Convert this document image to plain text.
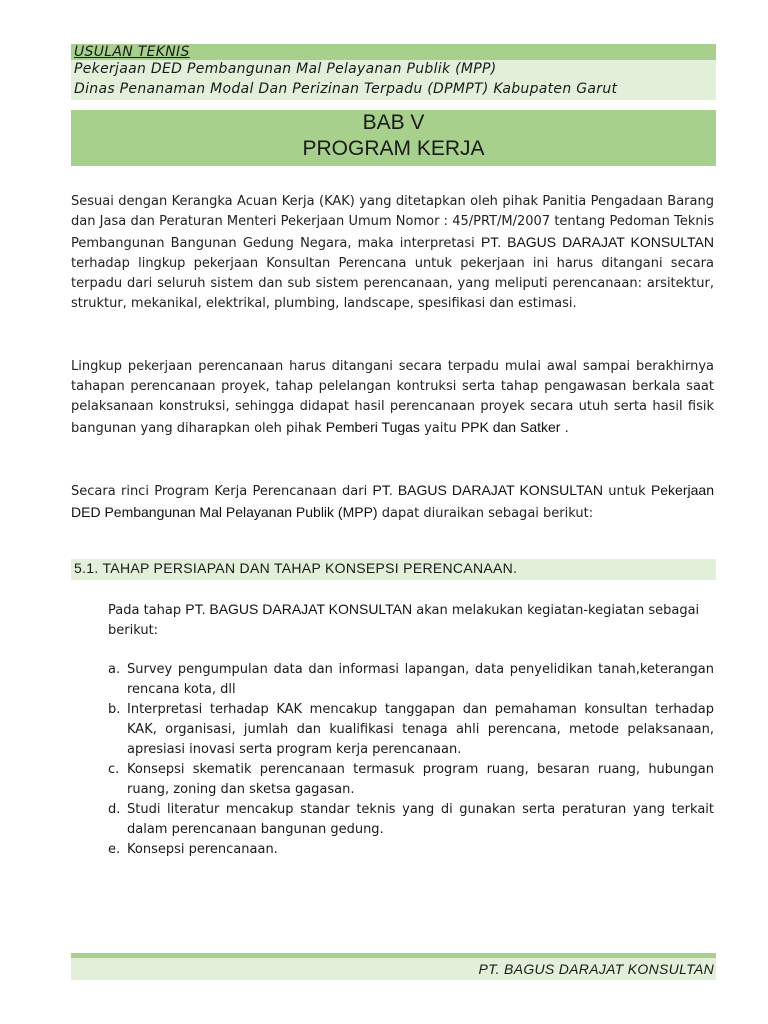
USULAN TEKNIS
Pekerjaan DED Pembangunan Mal Pelayanan Publik (MPP)
Dinas Penanaman Modal Dan Perizinan Terpadu (DPMPT) Kabupaten Garut
BAB V
PROGRAM KERJA
Sesuai dengan Kerangka Acuan Kerja (KAK) yang ditetapkan oleh pihak Panitia Pengadaan Barang dan Jasa dan Peraturan Menteri Pekerjaan Umum Nomor : 45/PRT/M/2007 tentang Pedoman Teknis Pembangunan Bangunan Gedung Negara, maka interpretasi PT. BAGUS DARAJAT KONSULTAN terhadap lingkup pekerjaan Konsultan Perencana untuk pekerjaan ini harus ditangani secara terpadu dari seluruh sistem dan sub sistem perencanaan, yang meliputi perencanaan: arsitektur, struktur, mekanikal, elektrikal, plumbing, landscape, spesifikasi dan estimasi.
Lingkup pekerjaan perencanaan harus ditangani secara terpadu mulai awal sampai berakhirnya tahapan perencanaan proyek, tahap pelelangan kontruksi serta tahap pengawasan berkala saat pelaksanaan konstruksi, sehingga didapat hasil perencanaan proyek secara utuh serta hasil fisik bangunan yang diharapkan oleh pihak Pemberi Tugas yaitu PPK dan Satker .
Secara rinci Program Kerja Perencanaan dari PT. BAGUS DARAJAT KONSULTAN untuk Pekerjaan DED Pembangunan Mal Pelayanan Publik (MPP) dapat diuraikan sebagai berikut:
5.1. TAHAP PERSIAPAN DAN TAHAP KONSEPSI PERENCANAAN.
Pada tahap PT. BAGUS DARAJAT KONSULTAN akan melakukan kegiatan-kegiatan sebagai berikut:
a. Survey pengumpulan data dan informasi lapangan, data penyelidikan tanah,keterangan rencana kota, dll
b. Interpretasi terhadap KAK mencakup tanggapan dan pemahaman konsultan terhadap KAK, organisasi, jumlah dan kualifikasi tenaga ahli perencana, metode pelaksanaan, apresiasi inovasi serta program kerja perencanaan.
c. Konsepsi skematik perencanaan termasuk program ruang, besaran ruang, hubungan ruang, zoning dan sketsa gagasan.
d. Studi literatur mencakup standar teknis yang di gunakan serta peraturan yang terkait dalam perencanaan bangunan gedung.
e. Konsepsi perencanaan.
PT. BAGUS DARAJAT KONSULTAN
